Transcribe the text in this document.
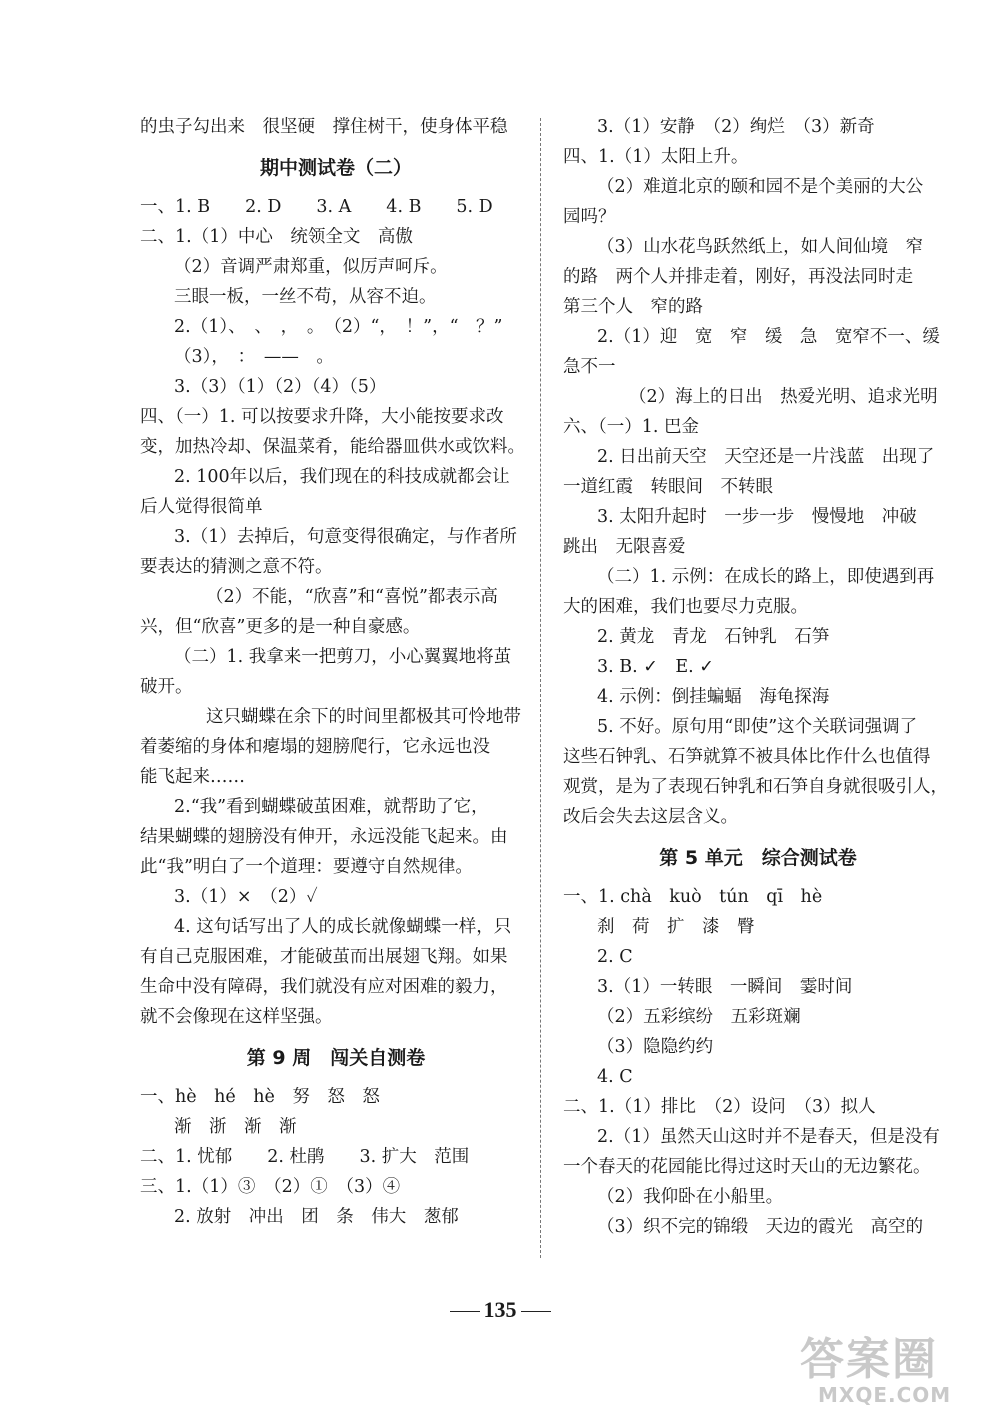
的虫子勾出来　很坚硬　撑住树干，使身体平稳
期中测试卷（二）
一、1. B　　2. D　　3. A　　4. B　　5. D
二、1.（1）中心　统领全文　高傲
（2）音调严肃郑重，似厉声呵斥。
三眼一板，一丝不苟，从容不迫。
2.（1）、　、　，　。　（2）“，　！”，“　？”
（3），　：　——　。
3.（3）（1）（2）（4）（5）
四、（一）1. 可以按要求升降，大小能按要求改
变，加热冷却、保温菜肴，能给器皿供水或饮料。
2. 100年以后，我们现在的科技成就都会让
后人觉得很简单
3.（1）去掉后，句意变得很确定，与作者所
要表达的猜测之意不符。
（2）不能，“欣喜”和“喜悦”都表示高
兴，但“欣喜”更多的是一种自豪感。
（二）1. 我拿来一把剪刀，小心翼翼地将茧
破开。
这只蝴蝶在余下的时间里都极其可怜地带
着萎缩的身体和瘪塌的翅膀爬行，它永远也没
能飞起来……
2.“我”看到蝴蝶破茧困难，就帮助了它，
结果蝴蝶的翅膀没有伸开，永远没能飞起来。由
此“我”明白了一个道理：要遵守自然规律。
3.（1）×　（2）✓
4. 这句话写出了人的成长就像蝴蝶一样，只
有自己克服困难，才能破茧而出展翅飞翔。如果
生命中没有障碍，我们就没有应对困难的毅力，
就不会像现在这样坚强。
第 9 周　闯关自测卷
一、hè　hé　hè　努　怒　怒
渐　浙　渐　渐
二、1. 忧郁　　2. 杜鹃　　3. 扩大　范围
三、1.（1）③　（2）①　（3）④
2. 放射　冲出　团　条　伟大　葱郁
3.（1）安静　（2）绚烂　（3）新奇
四、1.（1）太阳上升。
（2）难道北京的颐和园不是个美丽的大公
园吗？
（3）山水花鸟跃然纸上，如人间仙境　窄
的路　两个人并排走着，刚好，再没法同时走
第三个人　窄的路
2.（1）迎　宽　窄　缓　急　宽窄不一、缓
急不一
（2）海上的日出　热爱光明、追求光明
六、（一）1. 巴金
2. 日出前天空　天空还是一片浅蓝　出现了
一道红霞　转眼间　不转眼
3. 太阳升起时　一步一步　慢慢地　冲破
跳出　无限喜爱
（二）1. 示例：在成长的路上，即使遇到再
大的困难，我们也要尽力克服。
2. 黄龙　青龙　石钟乳　石笋
3. B. ✓　E. ✓
4. 示例：倒挂蝙蝠　海龟探海
5. 不好。原句用“即使”这个关联词强调了
这些石钟乳、石笋就算不被具体比作什么也值得
观赏，是为了表现石钟乳和石笋自身就很吸引人，
改后会失去这层含义。
第 5 单元　综合测试卷
一、1. chà　kuò　tún　qī　hè
刹　荷　扩　漆　臀
2. C
3.（1）一转眼　一瞬间　霎时间
（2）五彩缤纷　五彩斑斓
（3）隐隐约约
4. C
二、1.（1）排比　（2）设问　（3）拟人
2.（1）虽然天山这时并不是春天，但是没有
一个春天的花园能比得过这时天山的无边繁花。
（2）我仰卧在小船里。
（3）织不完的锦缎　天边的霞光　高空的
135
答案圈
MXQE.COM
